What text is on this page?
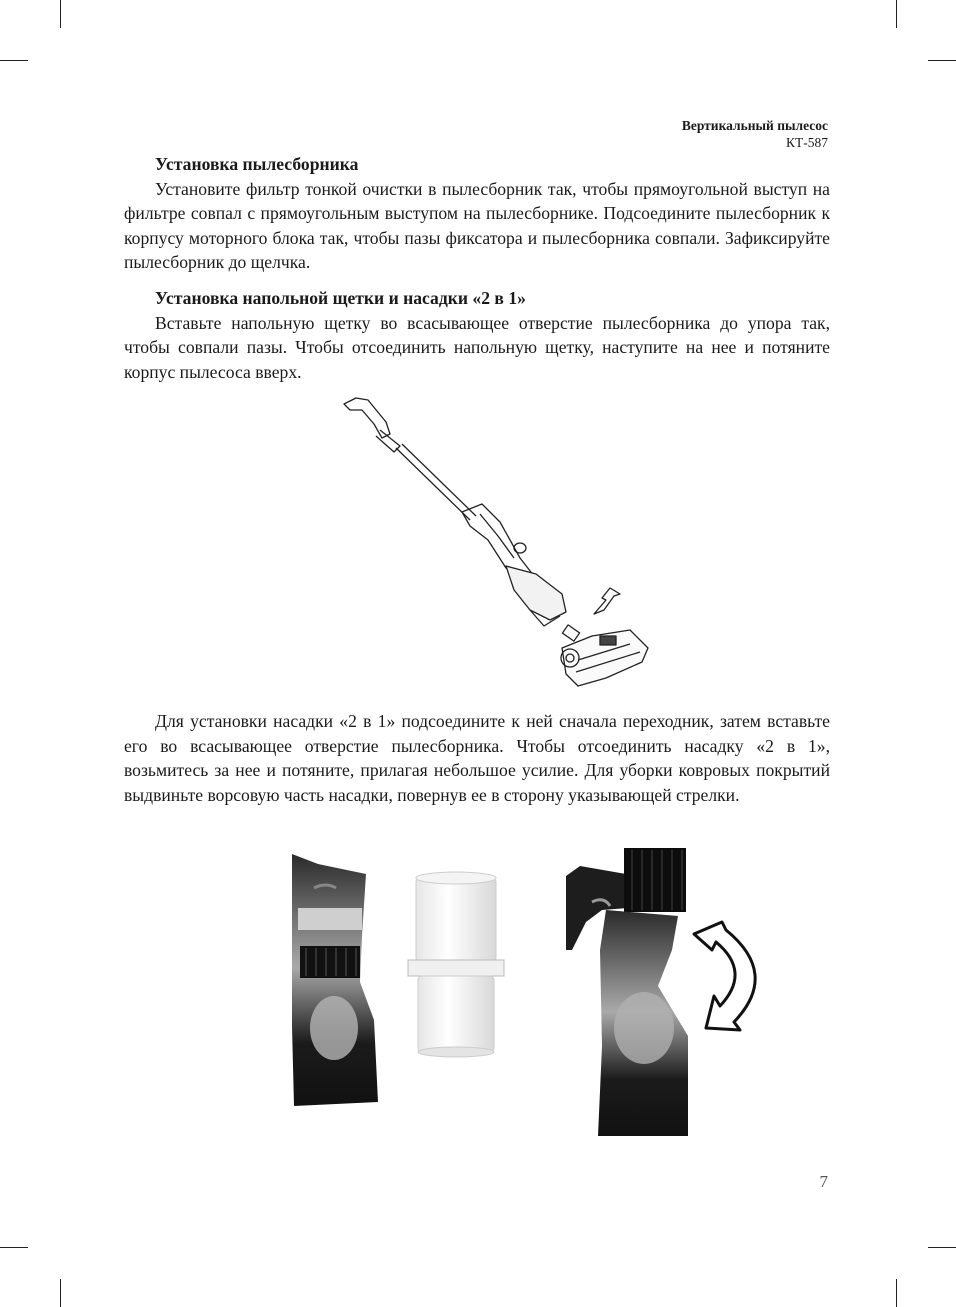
Вертикальный пылесос
КТ-587
Установка пылесборника

Установите фильтр тонкой очистки в пылесборник так, чтобы прямоугольной выступ на фильтре совпал с прямоугольным выступом на пылесборнике. Подсоедините пылесборник к корпусу моторного блока так, чтобы пазы фиксатора и пылесборника совпали. Зафиксируйте пылесборник до щелчка.

Установка напольной щетки и насадки «2 в 1»

Вставьте напольную щетку во всасывающее отверстие пылесборника до упора так, чтобы совпали пазы. Чтобы отсоединить напольную щетку, наступите на нее и потяните корпус пылесоса вверх.

Для установки насадки «2 в 1» подсоедините к ней сначала переходник, затем вставьте его во всасывающее отверстие пылесборника. Чтобы отсоединить насадку «2 в 1», возьмитесь за нее и потяните, прилагая небольшое усилие. Для уборки ковровых покрытий выдвиньте ворсовую часть насадки, повернув ее в сторону указывающей стрелки.

7
